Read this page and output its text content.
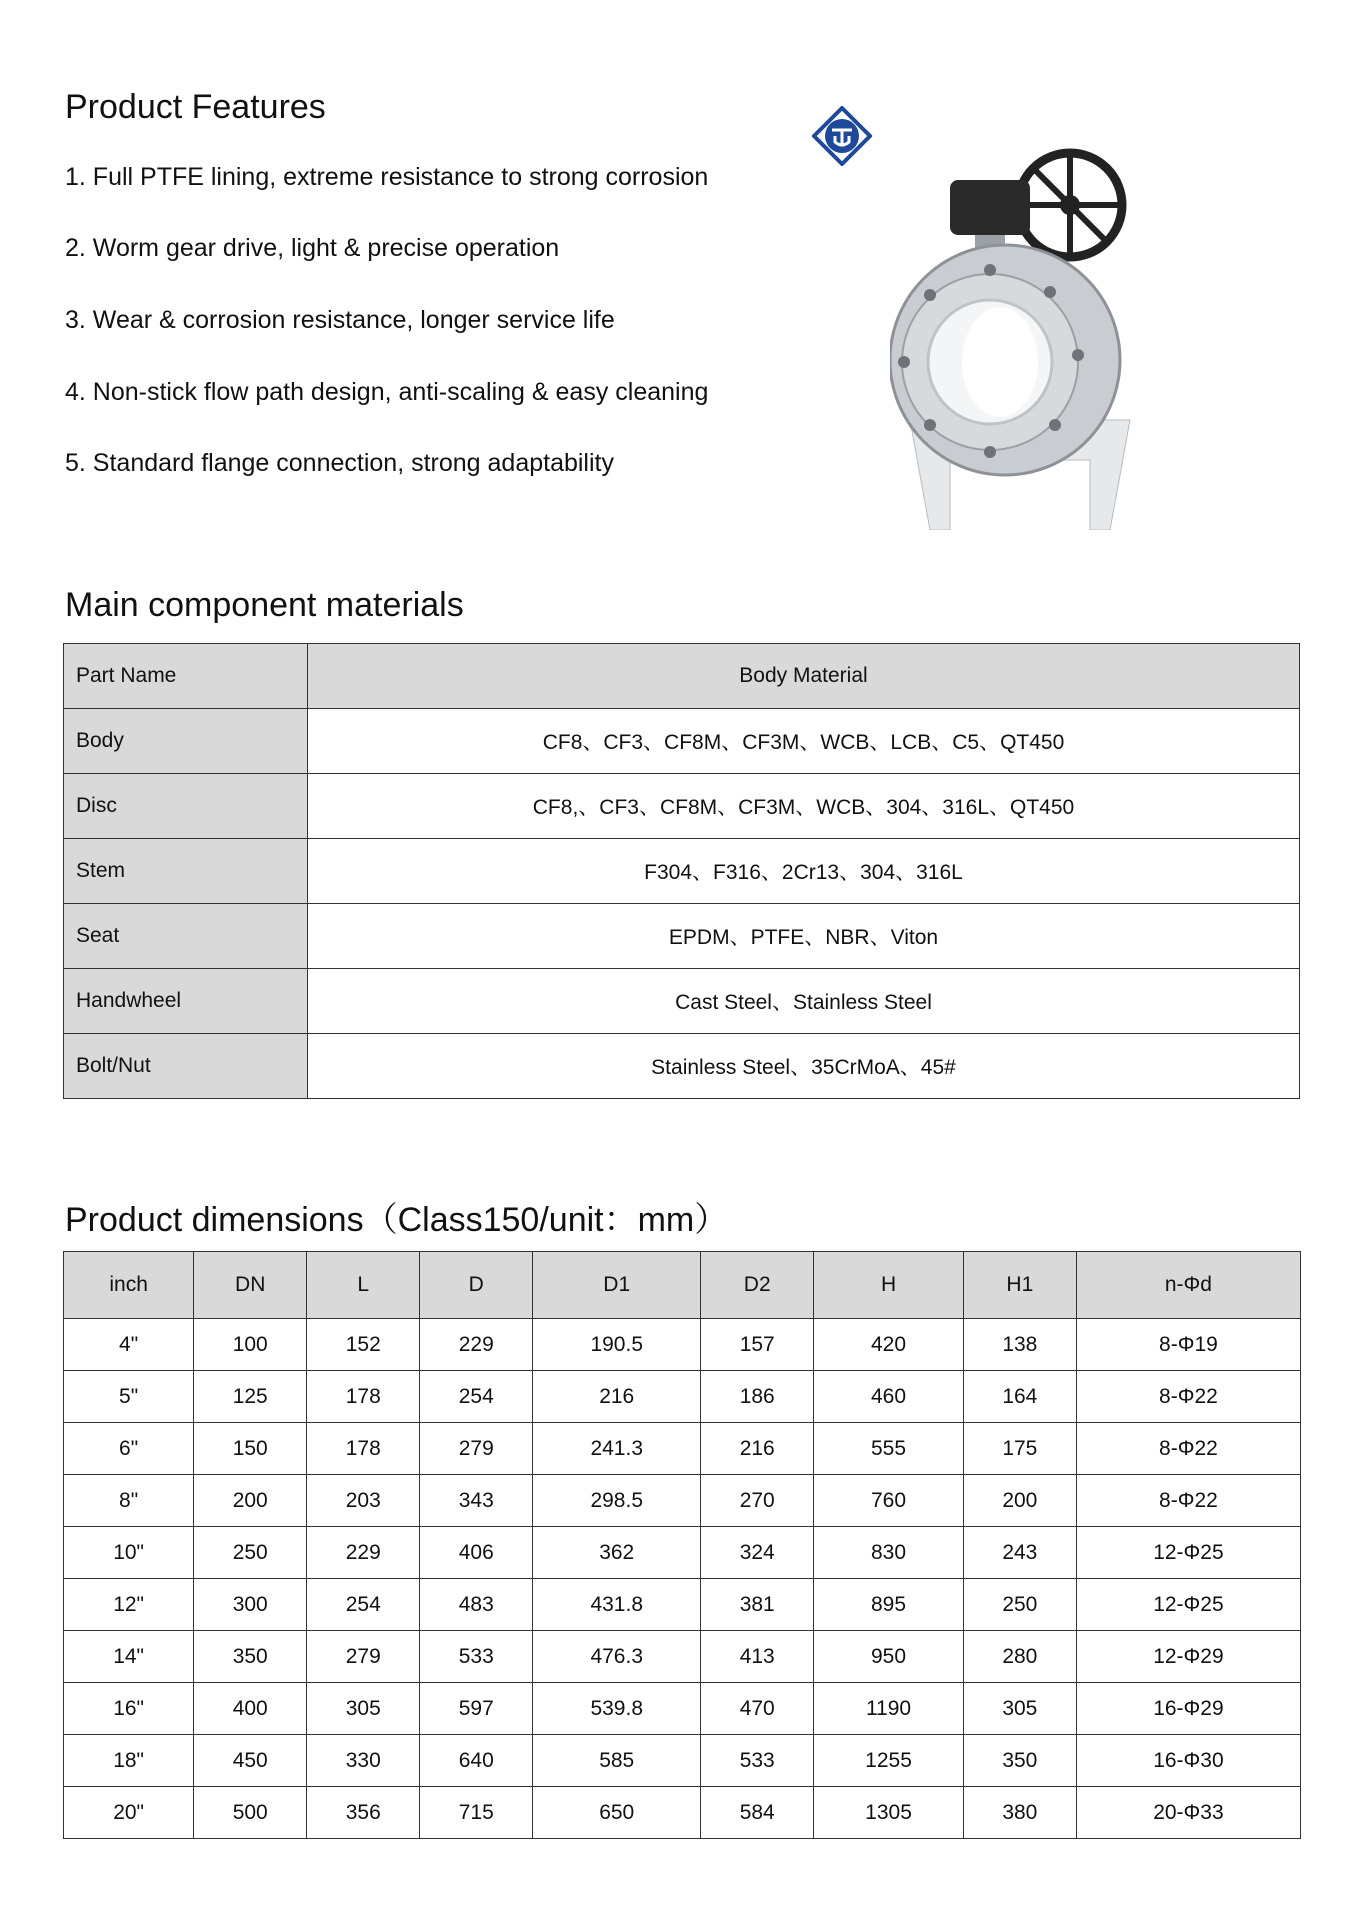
Product Features
1. Full PTFE lining, extreme resistance to strong corrosion
2. Worm gear drive, light & precise operation
3. Wear & corrosion resistance, longer service life
4. Non-stick flow path design, anti-scaling & easy cleaning
5. Standard flange connection, strong adaptability
Main component materials
Part Name	Body Material
Body	CF8、CF3、CF8M、CF3M、WCB、LCB、C5、QT450
Disc	CF8,、CF3、CF8M、CF3M、WCB、304、316L、QT450
Stem	F304、F316、2Cr13、304、316L
Seat	EPDM、PTFE、NBR、Viton
Handwheel	Cast Steel、Stainless Steel
Bolt/Nut	Stainless Steel、35CrMoA、45#
Product dimensions（Class150/unit：mm）
inch	DN	L	D	D1	D2	H	H1	n-Φd
4"	100	152	229	190.5	157	420	138	8-Φ19
5"	125	178	254	216	186	460	164	8-Φ22
6"	150	178	279	241.3	216	555	175	8-Φ22
8"	200	203	343	298.5	270	760	200	8-Φ22
10"	250	229	406	362	324	830	243	12-Φ25
12"	300	254	483	431.8	381	895	250	12-Φ25
14"	350	279	533	476.3	413	950	280	12-Φ29
16"	400	305	597	539.8	470	1190	305	16-Φ29
18"	450	330	640	585	533	1255	350	16-Φ30
20"	500	356	715	650	584	1305	380	20-Φ33
